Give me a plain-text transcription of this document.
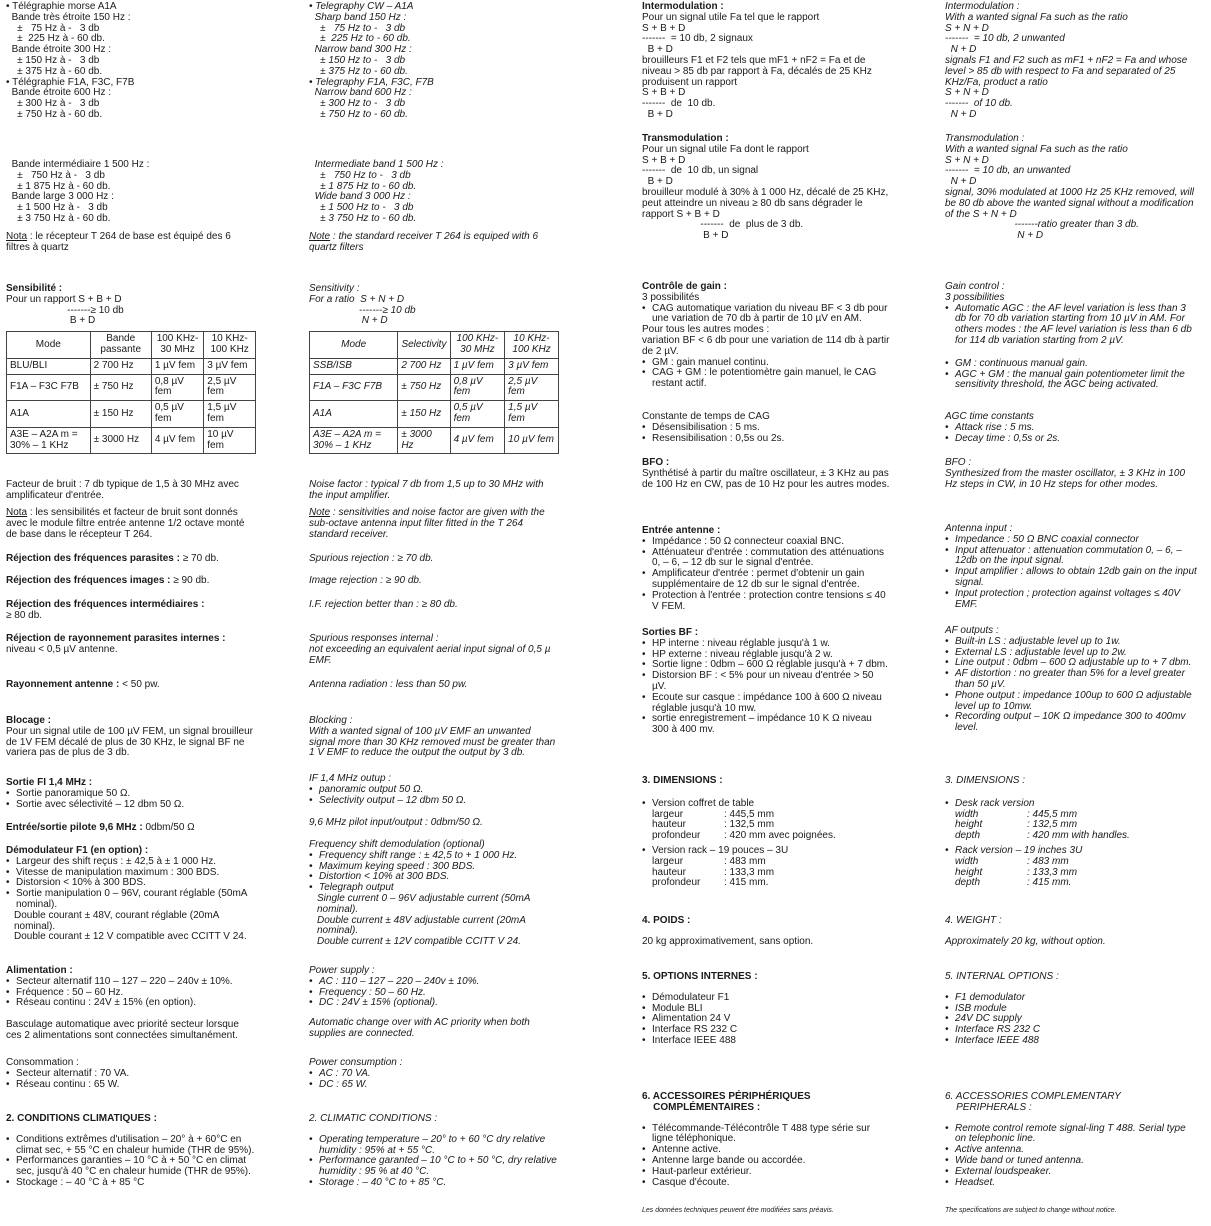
• Télégraphie morse A1A
Bande très étroite 150 Hz :
±   75 Hz à -   3 db
±  225 Hz à - 60 db.
Bande étroite 300 Hz :
± 150 Hz à -   3 db
± 375 Hz à - 60 db.
• Télégraphie F1A, F3C, F7B
Bande étroite 600 Hz :
± 300 Hz à -   3 db
± 750 Hz à - 60 db.
Bande intermédiaire 1 500 Hz :
±   750 Hz à -   3 db
± 1 875 Hz à - 60 db.
Bande large 3 000 Hz :
± 1 500 Hz à -   3 db
± 3 750 Hz à - 60 db.
Nota : le récepteur T 264 de base est équipé des 6 filtres à quartz
Sensibilité :
Pour un rapport S + B + D
-------≥ 10 db
B + D
Mode	Bande passante	100 KHz-30 MHz	10 KHz-100 KHz
BLU/BLI	2 700 Hz	1 µV fem	3 µV fem
F1A – F3C F7B	± 750 Hz	0,8 µV fem	2,5 µV fem
A1A	± 150 Hz	0,5 µV fem	1,5 µV fem
A3E – A2A m = 30% – 1 KHz	± 3000 Hz	4 µV fem	10 µV fem
Facteur de bruit : 7 db typique de 1,5 à 30 MHz avec amplificateur d'entrée.
Nota : les sensibilités et facteur de bruit sont donnés avec le module filtre entrée antenne 1/2 octave monté de base dans le récepteur T 264.
Réjection des fréquences parasites : ≥ 70 db.
Réjection des fréquences images : ≥ 90 db.
Réjection des fréquences intermédiaires :
≥ 80 db.
Réjection de rayonnement parasites internes :
niveau < 0,5 µV antenne.
Rayonnement antenne : < 50 pw.
Blocage :
Pour un signal utile de 100 µV FEM, un signal brouilleur de 1V FEM décalé de plus de 30 KHz, le signal BF ne variera pas de plus de 3 db.
Sortie FI 1,4 MHz :
• Sortie panoramique 50 Ω.
• Sortie avec sélectivité – 12 dbm 50 Ω.
Entrée/sortie pilote 9,6 MHz : 0dbm/50 Ω
Démodulateur F1 (en option) :
• Largeur des shift reçus : ± 42,5 à ± 1 000 Hz.
• Vitesse de manipulation maximum : 300 BDS.
• Distorsion < 10% à 300 BDS.
• Sortie manipulation 0 – 96V, courant réglable (50mA nominal).
Double courant ± 48V, courant réglable (20mA nominal).
Double courant ± 12 V compatible avec CCITT V 24.
Alimentation :
• Secteur alternatif 110 – 127 – 220 – 240v ± 10%.
• Fréquence : 50 – 60 Hz.
• Réseau continu : 24V ± 15% (en option).
Basculage automatique avec priorité secteur lorsque ces 2 alimentations sont connectées simultanément.
Consommation :
• Secteur alternatif : 70 VA.
• Réseau continu : 65 W.
2. CONDITIONS CLIMATIQUES :
• Conditions extrêmes d'utilisation – 20° à + 60°C en climat sec, + 55 °C en chaleur humide (THR de 95%).
• Performances garanties – 10 °C à + 50 °C en climat sec, jusqu'à 40 °C en chaleur humide (THR de 95%).
• Stockage : – 40 °C à + 85 °C
• Telegraphy CW – A1A
Sharp band 150 Hz :
±   75 Hz to -   3 db
±  225 Hz to - 60 db.
Narrow band 300 Hz :
± 150 Hz to -   3 db
± 375 Hz to - 60 db.
• Telegraphy F1A, F3C, F7B
Narrow band 600 Hz :
± 300 Hz to -   3 db
± 750 Hz to - 60 db.
Intermediate band 1 500 Hz :
±   750 Hz to -   3 db
± 1 875 Hz to - 60 db.
Wide band 3 000 Hz :
± 1 500 Hz to -   3 db
± 3 750 Hz to - 60 db.
Note : the standard receiver T 264 is equiped with 6 quartz filters
Sensitivity :
For a ratio  S + N + D
-------≥ 10 db
N + D
Mode	Selectivity	100 KHz-30 MHz	10 KHz-100 KHz
SSB/ISB	2 700 Hz	1 µV fem	3 µV fem
F1A – F3C F7B	± 750 Hz	0,8 µV fem	2,5 µV fem
A1A	± 150 Hz	0,5 µV fem	1,5 µV fem
A3E – A2A m = 30% – 1 KHz	± 3000 Hz	4 µV fem	10 µV fem
Noise factor : typical 7 db from 1,5 up to 30 MHz with the input amplifier.
Note : sensitivities and noise factor are given with the sub-octave antenna input filter fitted in the T 264 standard receiver.
Spurious rejection : ≥ 70 db.
Image rejection : ≥ 90 db.
I.F. rejection better than : ≥ 80 db.
Spurious responses internal :
not exceeding an equivalent aerial input signal of 0,5 µ EMF.
Antenna radiation : less than 50 pw.
Blocking :
With a wanted signal of 100 µV EMF an unwanted signal more than 30 KHz removed must be greater than 1 V EMF to reduce the output the output by 3 db.
IF 1,4 MHz outup :
• panoramic output 50 Ω.
• Selectivity output – 12 dbm 50 Ω.
9,6 MHz pilot input/output : 0dbm/50 Ω.
Frequency shift demodulation (optional)
• Frequency shift range : ± 42,5 to + 1 000 Hz.
• Maximum keying speed : 300 BDS.
• Distortion < 10% at 300 BDS.
• Telegraph output
Single current 0 – 96V adjustable current (50mA nominal).
Double current ± 48V adjustable current (20mA nominal).
Double current ± 12V compatible CCITT V 24.
Power supply :
• AC : 110 – 127 – 220 – 240v ± 10%.
• Frequency : 50 – 60 Hz.
• DC : 24V ± 15% (optional).
Automatic change over with AC priority when both supplies are connected.
Power consumption :
• AC : 70 VA.
• DC : 65 W.
2. CLIMATIC CONDITIONS :
• Operating temperature – 20° to + 60 °C dry relative humidity : 95% at + 55 °C.
• Performance garanted – 10 °C to + 50 °C, dry relative humidity : 95 % at 40 °C.
• Storage : – 40 °C to + 85 °C.
Intermodulation :
Pour un signal utile Fa tel que le rapport
S + B + D
-------  = 10 db, 2 signaux
B + D
brouilleurs F1 et F2 tels que mF1 + nF2 = Fa et de niveau > 85 db par rapport à Fa, décalés de 25 KHz produisent un rapport
S + B + D
-------  de  10 db.
B + D
Transmodulation :
Pour un signal utile Fa dont le rapport
S + B + D
-------  de  10 db, un signal
B + D
brouilleur modulé à 30% à 1 000 Hz, décalé de 25 KHz, peut atteindre un niveau ≥ 80 db sans dégrader le rapport S + B + D
-------  de  plus de 3 db.
B + D
Contrôle de gain :
3 possibilités
• CAG automatique variation du niveau BF < 3 db pour une variation de 70 db à partir de 10 µV en AM.
Pour tous les autres modes :
variation BF < 6 db pour une variation de 114 db à partir de 2 µV.
• GM : gain manuel continu.
• CAG + GM : le potentiomètre gain manuel, le CAG restant actif.
Constante de temps de CAG
• Désensibilisation : 5 ms.
• Resensibilisation : 0,5s ou 2s.
BFO :
Synthétisé à partir du maître oscillateur, ± 3 KHz au pas de 100 Hz en CW, pas de 10 Hz pour les autres modes.
Entrée antenne :
• Impédance : 50 Ω connecteur coaxial BNC.
• Atténuateur d'entrée : commutation des atténuations 0, – 6, – 12 db sur le signal d'entrée.
• Amplificateur d'entrée : permet d'obtenir un gain supplémentaire de 12 db sur le signal d'entrée.
• Protection à l'entrée : protection contre tensions ≤ 40 V FEM.
Sorties BF :
• HP interne : niveau réglable jusqu'à 1 w.
• HP externe : niveau réglable jusqu'à 2 w.
• Sortie ligne : 0dbm – 600 Ω réglable jusqu'à + 7 dbm.
• Distorsion BF : < 5% pour un niveau d'entrée > 50 µV.
• Ecoute sur casque : impédance 100 à 600 Ω niveau réglable jusqu'à 10 mw.
• sortie enregistrement – impédance 10 K Ω niveau 300 à 400 mv.
3. DIMENSIONS :
• Version coffret de table
largeur	: 445,5 mm
hauteur	: 132,5 mm
profondeur	: 420 mm avec poignées.
• Version rack – 19 pouces – 3U
largeur	: 483 mm
hauteur	: 133,3 mm
profondeur	: 415 mm.
4. POIDS :
20 kg approximativement, sans option.
5. OPTIONS INTERNES :
• Démodulateur F1
• Module BLI
• Alimentation 24 V
• Interface RS 232 C
• Interface IEEE 488
6. ACCESSOIRES PÉRIPHÉRIQUES
COMPLÉMENTAIRES :
• Télécommande-Télécontrôle T 488 type série sur ligne téléphonique.
• Antenne active.
• Antenne large bande ou accordée.
• Haut-parleur extérieur.
• Casque d'écoute.
Les données techniques peuvent être modifiées sans préavis.
Intermodulation :
With a wanted signal Fa such as the ratio
S + N + D
-------  = 10 db, 2 unwanted
N + D
signals F1 and F2 such as mF1 + nF2 = Fa and whose level > 85 db with respect to Fa and separated of 25 KHz/Fa, product a ratio
S + N + D
-------  of 10 db.
N + D
Transmodulation :
With a wanted signal Fa such as the ratio
S + N + D
-------  = 10 db, an unwanted
N + D
signal, 30% modulated at 1000 Hz 25 KHz removed, will be 80 db above the wanted signal without a modification of the S + N + D
-------ratio greater than 3 db.
N + D
Gain control :
3 possibilities
• Automatic AGC : the AF level variation is less than 3 db for 70 db variation starting from 10 µV in AM. For others modes : the AF level variation is less than 6 db for 114 db variation starting from 2 µV.
• GM : continuous manual gain.
• AGC + GM : the manual gain potentiometer limit the sensitivity threshold, the AGC being activated.
AGC time constants
• Attack rise : 5 ms.
• Decay time : 0,5s or 2s.
BFO :
Synthesized from the master oscillator, ± 3 KHz in 100 Hz steps in CW, in 10 Hz steps for other modes.
Antenna input :
• Impedance : 50 Ω BNC coaxial connector
• Input attenuator : attenuation commutation 0, – 6, – 12db on the input signal.
• Input amplifier : allows to obtain 12db gain on the input signal.
• Input protection ; protection against voltages ≤ 40V EMF.
AF outputs :
• Built-in LS : adjustable level up to 1w.
• External LS : adjustable level up to 2w.
• Line output : 0dbm – 600 Ω adjustable up to + 7 dbm.
• AF distortion : no greater than 5% for a level greater than 50 µV.
• Phone output : impedance 100up to 600 Ω adjustable level up to 10mw.
• Recording output – 10K Ω impedance 300 to 400mv level.
3. DIMENSIONS :
• Desk rack version
width	: 445,5 mm
height	: 132,5 mm
depth	: 420 mm with handles.
• Rack version – 19 inches 3U
width	: 483 mm
height	: 133,3 mm
depth	: 415 mm.
4. WEIGHT :
Approximately 20 kg, without option.
5. INTERNAL OPTIONS :
• F1 demodulator
• ISB module
• 24V DC supply
• Interface RS 232 C
• Interface IEEE 488
6. ACCESSORIES COMPLEMENTARY
PERIPHERALS :
• Remote control remote signal-ling T 488. Serial type on telephonic line.
• Active antenna.
• Wide band or tuned antenna.
• External loudspeaker.
• Headset.
The specifications are subject to change without notice.
